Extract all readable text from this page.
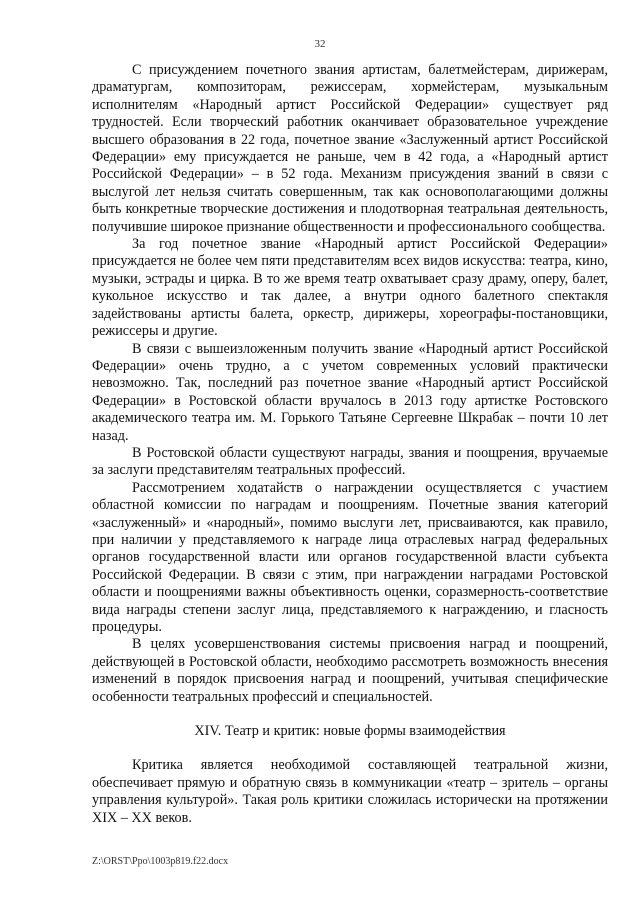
32

С присуждением почетного звания артистам, балетмейстерам, дирижерам, драматургам, композиторам, режиссерам, хормейстерам, музыкальным исполнителям «Народный артист Российской Федерации» существует ряд трудностей. Если творческий работник оканчивает образовательное учреждение высшего образования в 22 года, почетное звание «Заслуженный артист Российской Федерации» ему присуждается не раньше, чем в 42 года, а «Народный артист Российской Федерации» – в 52 года. Механизм присуждения званий в связи с выслугой лет нельзя считать совершенным, так как основополагающими должны быть конкретные творческие достижения и плодотворная театральная деятельность, получившие широкое признание общественности и профессионального сообщества.

За год почетное звание «Народный артист Российской Федерации» присуждается не более чем пяти представителям всех видов искусства: театра, кино, музыки, эстрады и цирка. В то же время театр охватывает сразу драму, оперу, балет, кукольное искусство и так далее, а внутри одного балетного спектакля задействованы артисты балета, оркестр, дирижеры, хореографы-постановщики, режиссеры и другие.

В связи с вышеизложенным получить звание «Народный артист Российской Федерации» очень трудно, а с учетом современных условий практически невозможно. Так, последний раз почетное звание «Народный артист Российской Федерации» в Ростовской области вручалось в 2013 году артистке Ростовского академического театра им. М. Горького Татьяне Сергеевне Шкрабак – почти 10 лет назад.

В Ростовской области существуют награды, звания и поощрения, вручаемые за заслуги представителям театральных профессий.

Рассмотрением ходатайств о награждении осуществляется с участием областной комиссии по наградам и поощрениям. Почетные звания категорий «заслуженный» и «народный», помимо выслуги лет, присваиваются, как правило, при наличии у представляемого к награде лица отраслевых наград федеральных органов государственной власти или органов государственной власти субъекта Российской Федерации. В связи с этим, при награждении наградами Ростовской области и поощрениями важны объективность оценки, соразмерность-соответствие вида награды степени заслуг лица, представляемого к награждению, и гласность процедуры.

В целях усовершенствования системы присвоения наград и поощрений, действующей в Ростовской области, необходимо рассмотреть возможность внесения изменений в порядок присвоения наград и поощрений, учитывая специфические особенности театральных профессий и специальностей.

XIV. Театр и критик: новые формы взаимодействия

Критика является необходимой составляющей театральной жизни, обеспечивает прямую и обратную связь в коммуникации «театр – зритель – органы управления культурой». Такая роль критики сложилась исторически на протяжении XIX – XX веков.

Z:\ORST\Ppo\1003p819.f22.docx
